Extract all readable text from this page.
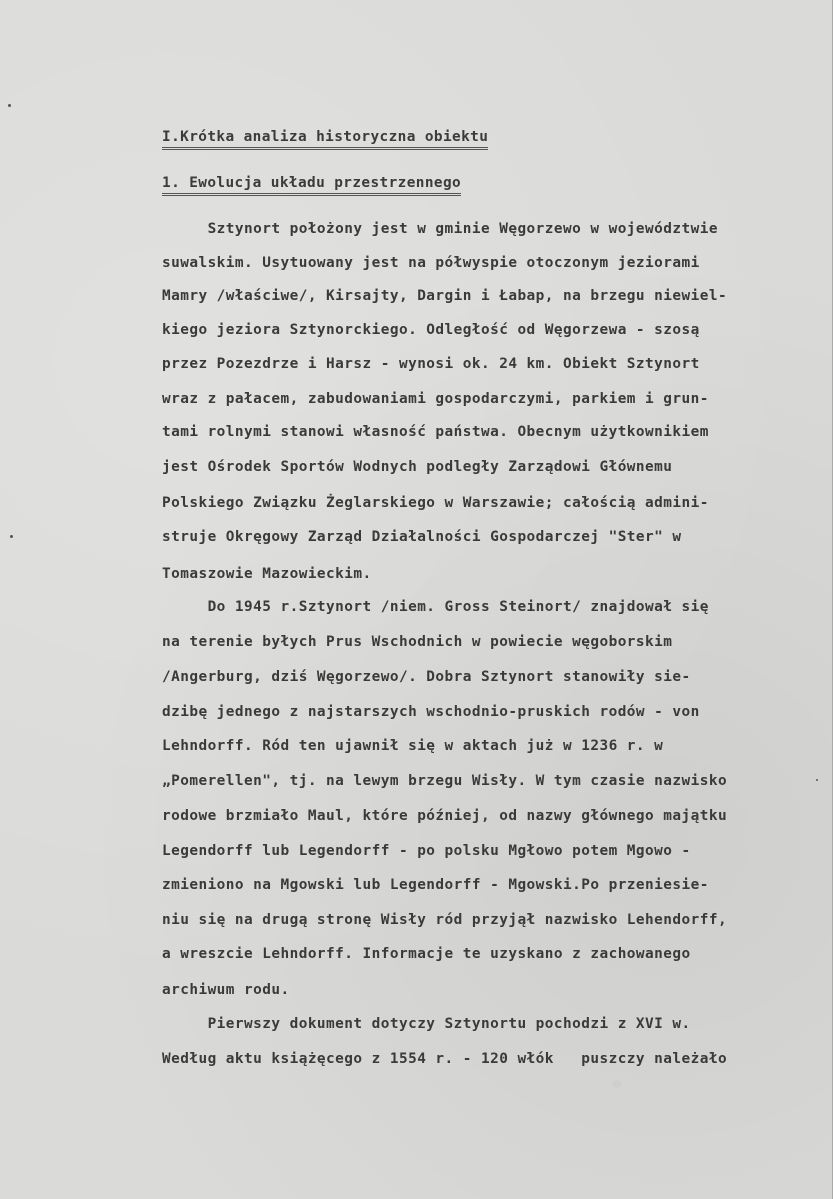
I.Krótka analiza historyczna obiektu
1. Ewolucja układu przestrzennego
Sztynort położony jest w gminie Węgorzewo w województwie
suwalskim. Usytuowany jest na półwyspie otoczonym jeziorami
Mamry /właściwe/, Kirsajty, Dargin i Łabap, na brzegu niewiel-
kiego jeziora Sztynorckiego. Odległość od Węgorzewa - szosą
przez Pozezdrze i Harsz - wynosi ok. 24 km. Obiekt Sztynort
wraz z pałacem, zabudowaniami gospodarczymi, parkiem i grun-
tami rolnymi stanowi własność państwa. Obecnym użytkownikiem
jest Ośrodek Sportów Wodnych podległy Zarządowi Głównemu
Polskiego Związku Żeglarskiego w Warszawie; całością admini-
struje Okręgowy Zarząd Działalności Gospodarczej "Ster" w
Tomaszowie Mazowieckim.
Do 1945 r.Sztynort /niem. Gross Steinort/ znajdował się
na terenie byłych Prus Wschodnich w powiecie węgoborskim
/Angerburg, dziś Węgorzewo/. Dobra Sztynort stanowiły sie-
dzibę jednego z najstarszych wschodnio-pruskich rodów - von
Lehndorff. Ród ten ujawnił się w aktach już w 1236 r. w
„Pomerellen", tj. na lewym brzegu Wisły. W tym czasie nazwisko
rodowe brzmiało Maul, które później, od nazwy głównego majątku
Legendorff lub Legendorff - po polsku Mgłowo potem Mgowo -
zmieniono na Mgowski lub Legendorff - Mgowski.Po przeniesie-
niu się na drugą stronę Wisły ród przyjął nazwisko Lehendorff,
a wreszcie Lehndorff. Informacje te uzyskano z zachowanego
archiwum rodu.
Pierwszy dokument dotyczy Sztynortu pochodzi z XVI w.
Według aktu książęcego z 1554 r. - 120 włók   puszczy należało
